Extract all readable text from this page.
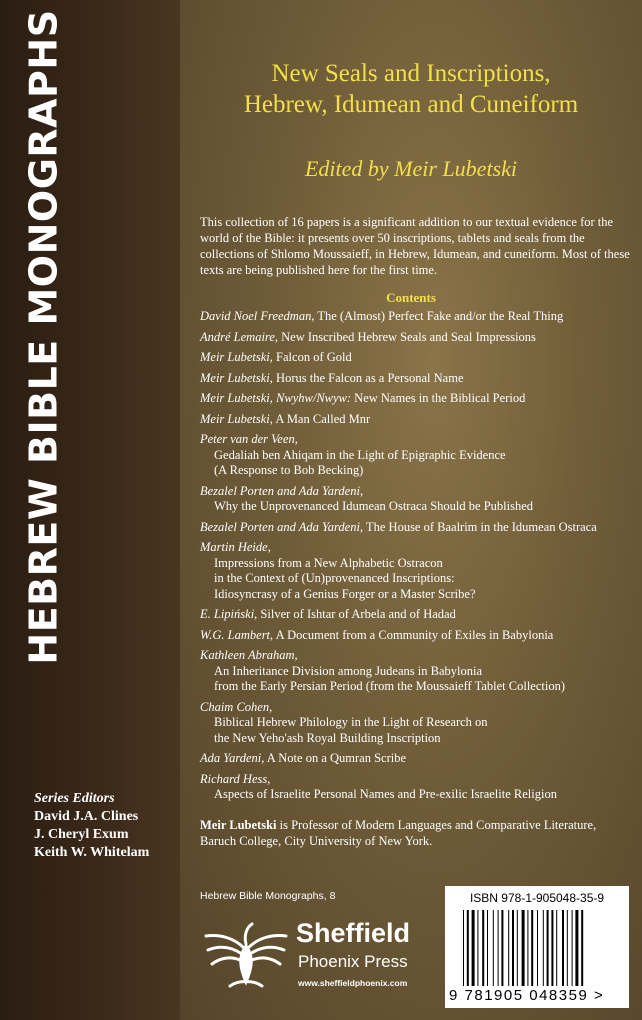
HEBREW BIBLE MONOGRAPHS
Series Editors
David J.A. Clines
J. Cheryl Exum
Keith W. Whitelam
New Seals and Inscriptions,
Hebrew, Idumean and Cuneiform
Edited by Meir Lubetski
This collection of 16 papers is a significant addition to our textual evidence for the world of the Bible: it presents over 50 inscriptions, tablets and seals from the collections of Shlomo Moussaieff, in Hebrew, Idumean, and cuneiform. Most of these texts are being published here for the first time.
Contents
David Noel Freedman, The (Almost) Perfect Fake and/or the Real Thing
André Lemaire, New Inscribed Hebrew Seals and Seal Impressions
Meir Lubetski, Falcon of Gold
Meir Lubetski, Horus the Falcon as a Personal Name
Meir Lubetski, Nwyhw/Nwyw: New Names in the Biblical Period
Meir Lubetski, A Man Called Mnr
Peter van der Veen,
Gedaliah ben Ahiqam in the Light of Epigraphic Evidence
(A Response to Bob Becking)
Bezalel Porten and Ada Yardeni,
Why the Unprovenanced Idumean Ostraca Should be Published
Bezalel Porten and Ada Yardeni, The House of Baalrim in the Idumean Ostraca
Martin Heide,
Impressions from a New Alphabetic Ostracon
in the Context of (Un)provenanced Inscriptions:
Idiosyncrasy of a Genius Forger or a Master Scribe?
E. Lipiński, Silver of Ishtar of Arbela and of Hadad
W.G. Lambert, A Document from a Community of Exiles in Babylonia
Kathleen Abraham,
An Inheritance Division among Judeans in Babylonia
from the Early Persian Period (from the Moussaieff Tablet Collection)
Chaim Cohen,
Biblical Hebrew Philology in the Light of Research on
the New Yeho'ash Royal Building Inscription
Ada Yardeni, A Note on a Qumran Scribe
Richard Hess,
Aspects of Israelite Personal Names and Pre-exilic Israelite Religion
Meir Lubetski is Professor of Modern Languages and Comparative Literature, Baruch College, City University of New York.
Hebrew Bible Monographs, 8
Sheffield
Phoenix Press
www.sheffieldphoenix.com
ISBN 978-1-905048-35-9
9 781905 048359 >
